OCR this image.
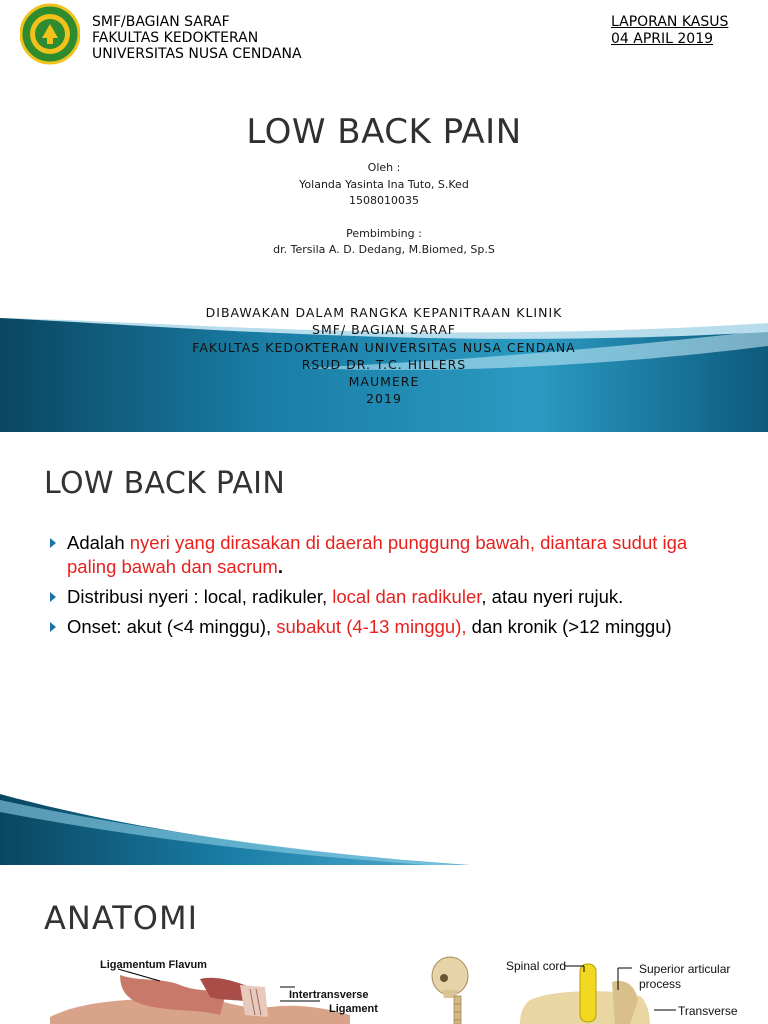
SMF/BAGIAN SARAF
FAKULTAS KEDOKTERAN
UNIVERSITAS NUSA CENDANA
LAPORAN KASUS
04 APRIL 2019
LOW BACK PAIN
Oleh :
Yolanda Yasinta Ina Tuto, S.Ked
1508010035
Pembimbing :
dr. Tersila A. D. Dedang, M.Biomed, Sp.S
DIBAWAKAN DALAM RANGKA KEPANITRAAN KLINIK
SMF/ BAGIAN SARAF
FAKULTAS KEDOKTERAN UNIVERSITAS NUSA CENDANA
RSUD DR. T.C. HILLERS
MAUMERE
2019
LOW BACK PAIN
Adalah nyeri yang dirasakan di daerah punggung bawah, diantara sudut iga paling bawah dan sacrum.
Distribusi nyeri : local, radikuler, local dan radikuler, atau nyeri rujuk.
Onset: akut (<4 minggu), subakut (4-13 minggu), dan kronik (>12 minggu)
ANATOMI
Ligamentum Flavum
Intertransverse
Ligament
Spinal cord	Superior articular
process
Transverse
